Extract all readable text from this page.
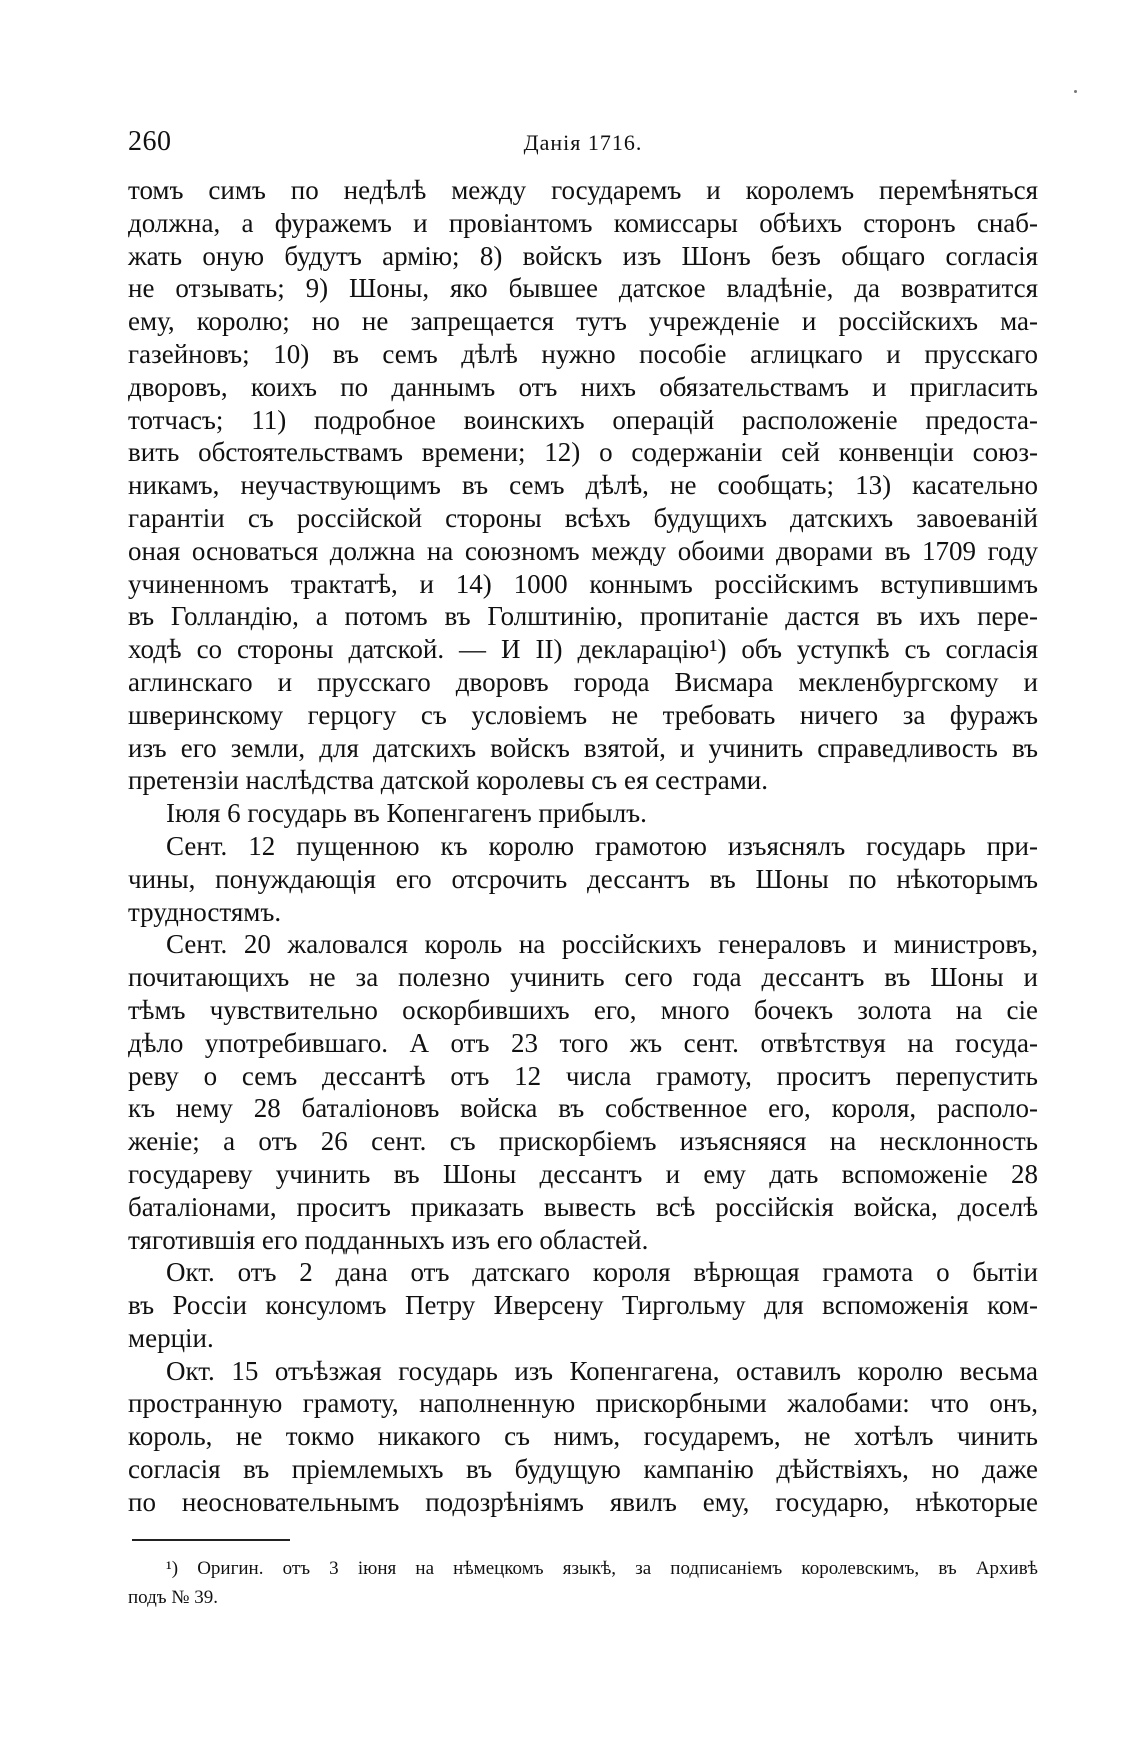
260	Данія 1716.
томъ симъ по недѣлѣ между государемъ и королемъ перемѣняться
должна, а фуражемъ и провіантомъ комиссары обѣихъ сторонъ снаб-
жать оную будутъ армію; 8) войскъ изъ Шонъ безъ общаго согласія
не отзывать; 9) Шоны, яко бывшее датское владѣніе, да возвратится
ему, королю; но не запрещается тутъ учрежденіе и россійскихъ ма-
газейновъ; 10) въ семъ дѣлѣ нужно пособіе аглицкаго и прусскаго
дворовъ, коихъ по даннымъ отъ нихъ обязательствамъ и пригласить
тотчасъ; 11) подробное воинскихъ операцій расположеніе предоста-
вить обстоятельствамъ времени; 12) о содержаніи сей конвенціи союз-
никамъ, неучаствующимъ въ семъ дѣлѣ, не сообщать; 13) касательно
гарантіи съ россійской стороны всѣхъ будущихъ датскихъ завоеваній
оная основаться должна на союзномъ между обоими дворами въ 1709 году
учиненномъ трактатѣ, и 14) 1000 коннымъ россійскимъ вступившимъ
въ Голландію, а потомъ въ Голштинію, пропитаніе дастся въ ихъ пере-
ходѣ со стороны датской. — И II) декларацію¹) объ уступкѣ съ согласія
аглинскаго и прусскаго дворовъ города Висмара мекленбургскому и
шверинскому герцогу съ условіемъ не требовать ничего за фуражъ
изъ его земли, для датскихъ войскъ взятой, и учинить справедливость въ
претензіи наслѣдства датской королевы съ ея сестрами.
Іюля 6 государь въ Копенгагенъ прибылъ.
Сент. 12 пущенною къ королю грамотою изъяснялъ государь при-
чины, понуждающія его отсрочить дессантъ въ Шоны по нѣкоторымъ
трудностямъ.
Сент. 20 жаловался король на россійскихъ генераловъ и министровъ,
почитающихъ не за полезно учинить сего года дессантъ въ Шоны и
тѣмъ чувствительно оскорбившихъ его, много бочекъ золота на сіе
дѣло употребившаго. А отъ 23 того жъ сент. отвѣтствуя на госуда-
реву о семъ дессантѣ отъ 12 числа грамоту, проситъ перепустить
къ нему 28 баталіоновъ войска въ собственное его, короля, располо-
женіе; а отъ 26 сент. съ прискорбіемъ изъясняяся на несклонность
государеву учинить въ Шоны дессантъ и ему дать вспоможеніе 28
баталіонами, проситъ приказать вывесть всѣ россійскія войска, доселѣ
тяготившія его подданныхъ изъ его областей.
Окт. отъ 2 дана отъ датскаго короля вѣрющая грамота о бытіи
въ Россіи консуломъ Петру Иверсену Тиргольму для вспоможенія ком-
мерціи.
Окт. 15 отъѣзжая государь изъ Копенгагена, оставилъ королю весьма
пространную грамоту, наполненную прискорбными жалобами: что онъ,
король, не токмо никакого съ нимъ, государемъ, не хотѣлъ чинить
согласія въ пріемлемыхъ въ будущую кампанію дѣйствіяхъ, но даже
по неосновательнымъ подозрѣніямъ явилъ ему, государю, нѣкоторые
¹) Оригин. отъ 3 іюня на нѣмецкомъ языкѣ, за подписаніемъ королевскимъ, въ Архивѣ
подъ № 39.
